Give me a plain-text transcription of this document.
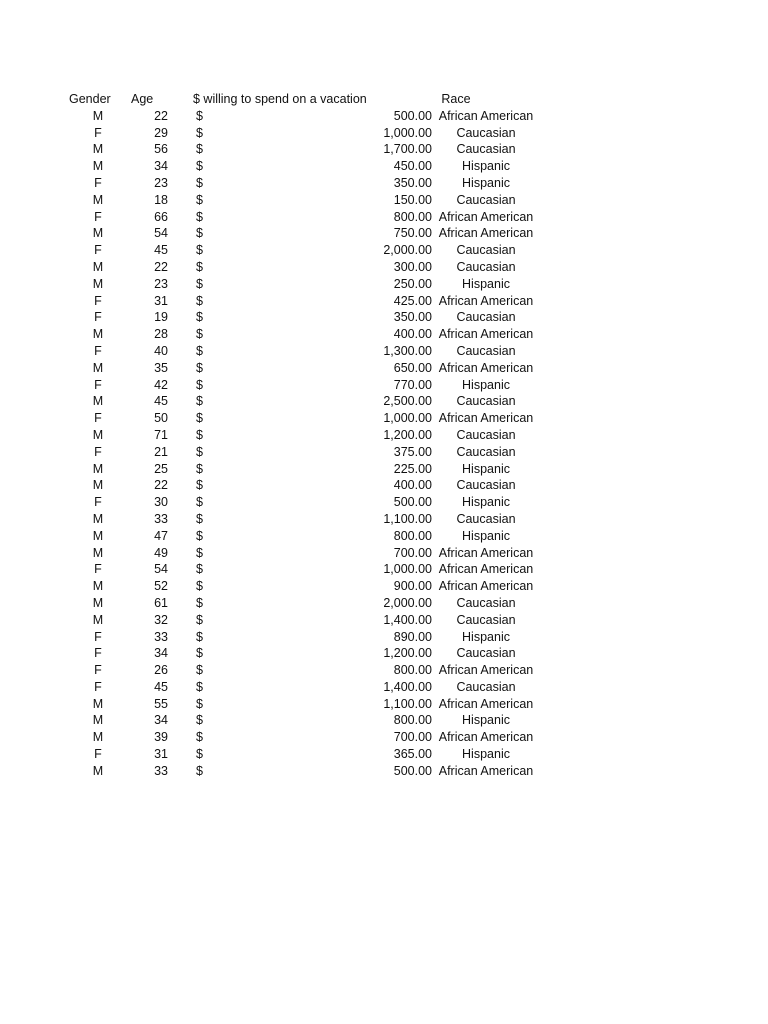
Gender Age	$ willing to spend on a vacation	Race
M	22 $	500.00 African American
F	29 $	1,000.00	Caucasian
M	56 $	1,700.00	Caucasian
M	34 $	450.00	Hispanic
F	23 $	350.00	Hispanic
M	18 $	150.00	Caucasian
F	66 $	800.00 African American
M	54 $	750.00 African American
F	45 $	2,000.00	Caucasian
M	22 $	300.00	Caucasian
M	23 $	250.00	Hispanic
F	31 $	425.00 African American
F	19 $	350.00	Caucasian
M	28 $	400.00 African American
F	40 $	1,300.00	Caucasian
M	35 $	650.00 African American
F	42 $	770.00	Hispanic
M	45 $	2,500.00	Caucasian
F	50 $	1,000.00 African American
M	71 $	1,200.00	Caucasian
F	21 $	375.00	Caucasian
M	25 $	225.00	Hispanic
M	22 $	400.00	Caucasian
F	30 $	500.00	Hispanic
M	33 $	1,100.00	Caucasian
M	47 $	800.00	Hispanic
M	49 $	700.00 African American
F	54 $	1,000.00 African American
M	52 $	900.00 African American
M	61 $	2,000.00	Caucasian
M	32 $	1,400.00	Caucasian
F	33 $	890.00	Hispanic
F	34 $	1,200.00	Caucasian
F	26 $	800.00 African American
F	45 $	1,400.00	Caucasian
M	55 $	1,100.00 African American
M	34 $	800.00	Hispanic
M	39 $	700.00 African American
F	31 $	365.00	Hispanic
M	33 $	500.00 African American
